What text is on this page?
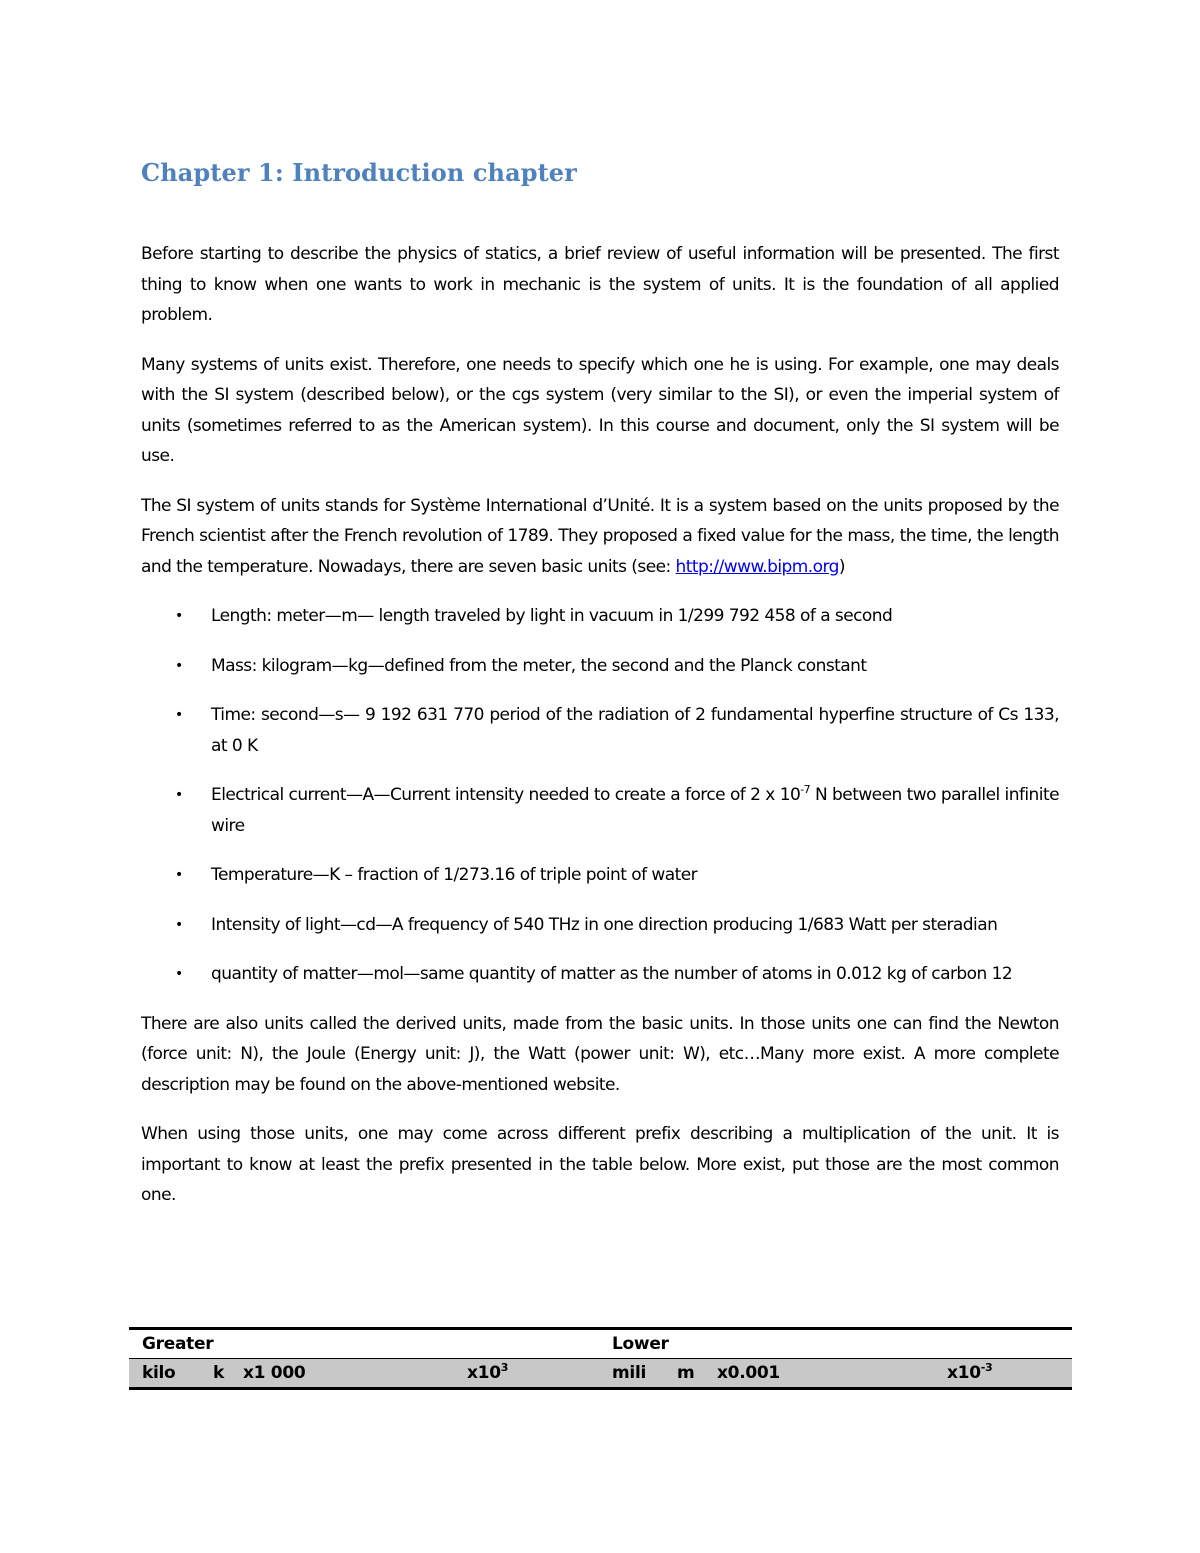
Chapter 1: Introduction chapter

Before starting to describe the physics of statics, a brief review of useful information will be presented. The first thing to know when one wants to work in mechanic is the system of units. It is the foundation of all applied problem.

Many systems of units exist. Therefore, one needs to specify which one he is using. For example, one may deals with the SI system (described below), or the cgs system (very similar to the SI), or even the imperial system of units (sometimes referred to as the American system). In this course and document, only the SI system will be use.

The SI system of units stands for Système International d’Unité. It is a system based on the units proposed by the French scientist after the French revolution of 1789. They proposed a fixed value for the mass, the time, the length and the temperature. Nowadays, there are seven basic units (see: http://www.bipm.org)

• Length: meter—m— length traveled by light in vacuum in 1/299 792 458 of a second
• Mass: kilogram—kg—defined from the meter, the second and the Planck constant
• Time: second—s— 9 192 631 770 period of the radiation of 2 fundamental hyperfine structure of Cs 133, at 0 K
• Electrical current—A—Current intensity needed to create a force of 2 x $10^{-7}$ N between two parallel infinite wire
• Temperature—K – fraction of 1/273.16 of triple point of water
• Intensity of light—cd—A frequency of 540 THz in one direction producing 1/683 Watt per steradian
• quantity of matter—mol—same quantity of matter as the number of atoms in 0.012 kg of carbon 12

There are also units called the derived units, made from the basic units. In those units one can find the Newton (force unit: N), the Joule (Energy unit: J), the Watt (power unit: W), etc…Many more exist. A more complete description may be found on the above-mentioned website.

When using those units, one may come across different prefix describing a multiplication of the unit. It is important to know at least the prefix presented in the table below. More exist, put those are the most common one.

Greater				Lower			
kilo	k	x1 000	$x10^3$	mili	m	x0.001	$x10^{-3}$
